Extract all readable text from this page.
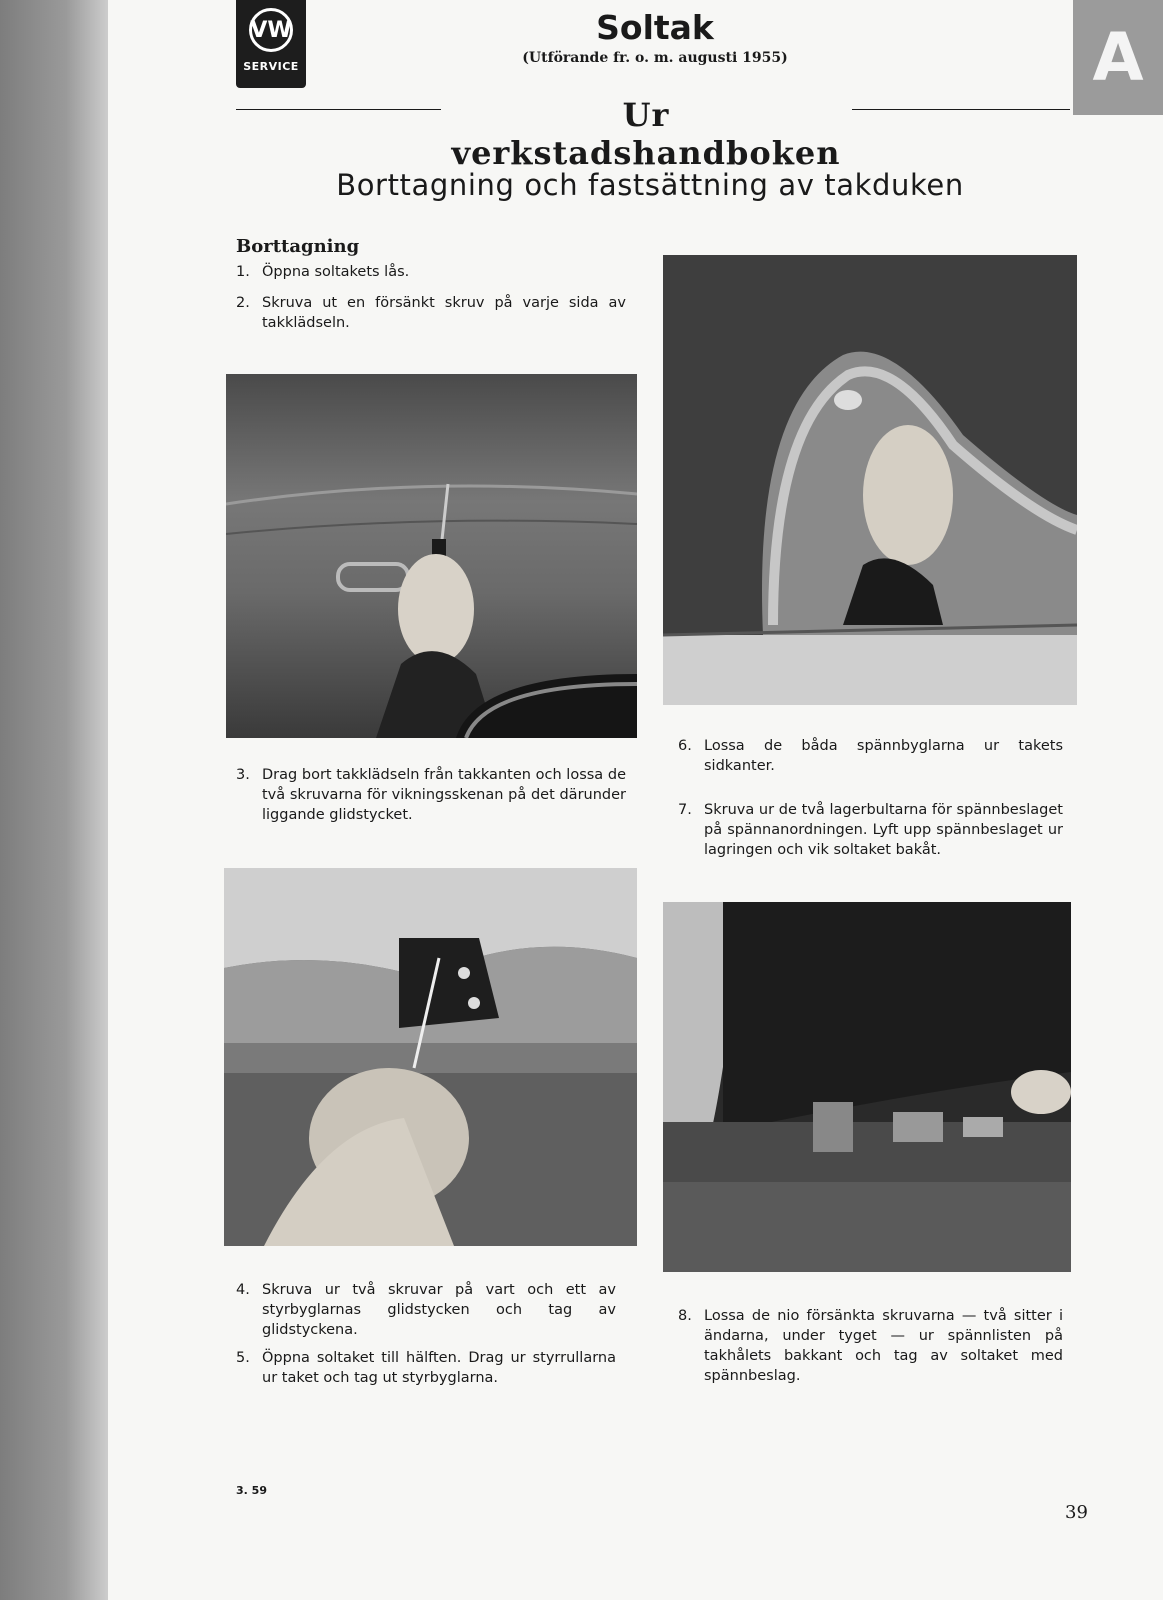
A
VW
SERVICE
Soltak
(Utförande fr. o. m. augusti 1955)
Ur verkstadshandboken
Borttagning och fastsättning av takduken
Borttagning
1. Öppna soltakets lås.
2. Skruva ut en försänkt skruv på varje sida av takklädseln.
3. Drag bort takklädseln från takkanten och lossa de två skruvarna för vikningsskenan på det därunder liggande glidstycket.
4. Skruva ur två skruvar på vart och ett av styrbyglarnas glidstycken och tag av glidstyckena.
5. Öppna soltaket till hälften. Drag ur styrrullarna ur taket och tag ut styrbyglarna.
6. Lossa de båda spännbyglarna ur takets sidkanter.
7. Skruva ur de två lagerbultarna för spännbeslaget på spännanordningen. Lyft upp spännbeslaget ur lagringen och vik soltaket bakåt.
8. Lossa de nio försänkta skruvarna — två sitter i ändarna, under tyget — ur spännlisten på takhålets bakkant och tag av soltaket med spännbeslag.
3. 59
39
